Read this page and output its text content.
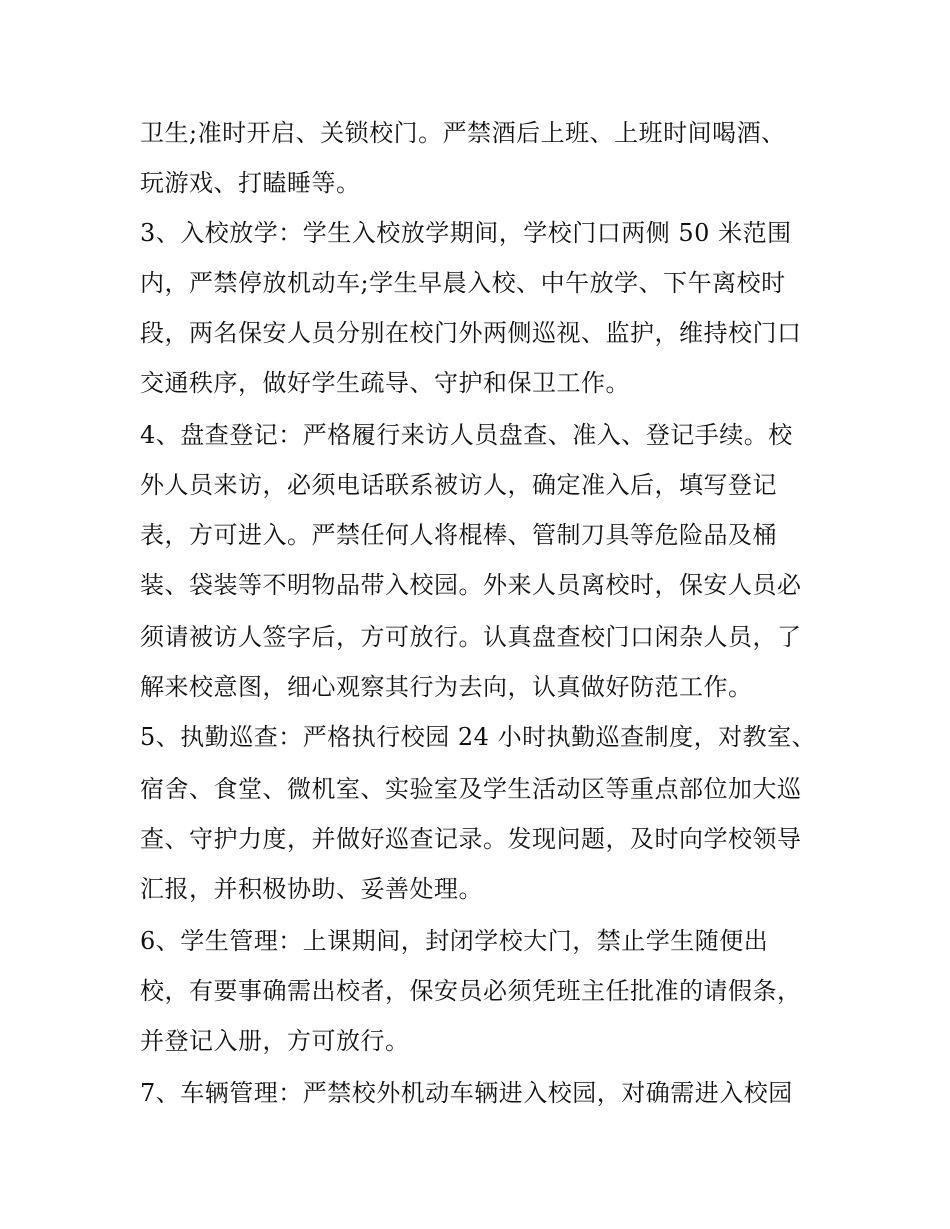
卫生;准时开启、关锁校门。严禁酒后上班、上班时间喝酒、
玩游戏、打瞌睡等。
3、入校放学：学生入校放学期间，学校门口两侧 50 米范围
内，严禁停放机动车;学生早晨入校、中午放学、下午离校时
段，两名保安人员分别在校门外两侧巡视、监护，维持校门口
交通秩序，做好学生疏导、守护和保卫工作。
4、盘查登记：严格履行来访人员盘查、准入、登记手续。校
外人员来访，必须电话联系被访人，确定准入后，填写登记
表，方可进入。严禁任何人将棍棒、管制刀具等危险品及桶
装、袋装等不明物品带入校园。外来人员离校时，保安人员必
须请被访人签字后，方可放行。认真盘查校门口闲杂人员，了
解来校意图，细心观察其行为去向，认真做好防范工作。
5、执勤巡查：严格执行校园 24 小时执勤巡查制度，对教室、
宿舍、食堂、微机室、实验室及学生活动区等重点部位加大巡
查、守护力度，并做好巡查记录。发现问题，及时向学校领导
汇报，并积极协助、妥善处理。
6、学生管理：上课期间，封闭学校大门，禁止学生随便出
校，有要事确需出校者，保安员必须凭班主任批准的请假条，
并登记入册，方可放行。
7、车辆管理：严禁校外机动车辆进入校园，对确需进入校园
